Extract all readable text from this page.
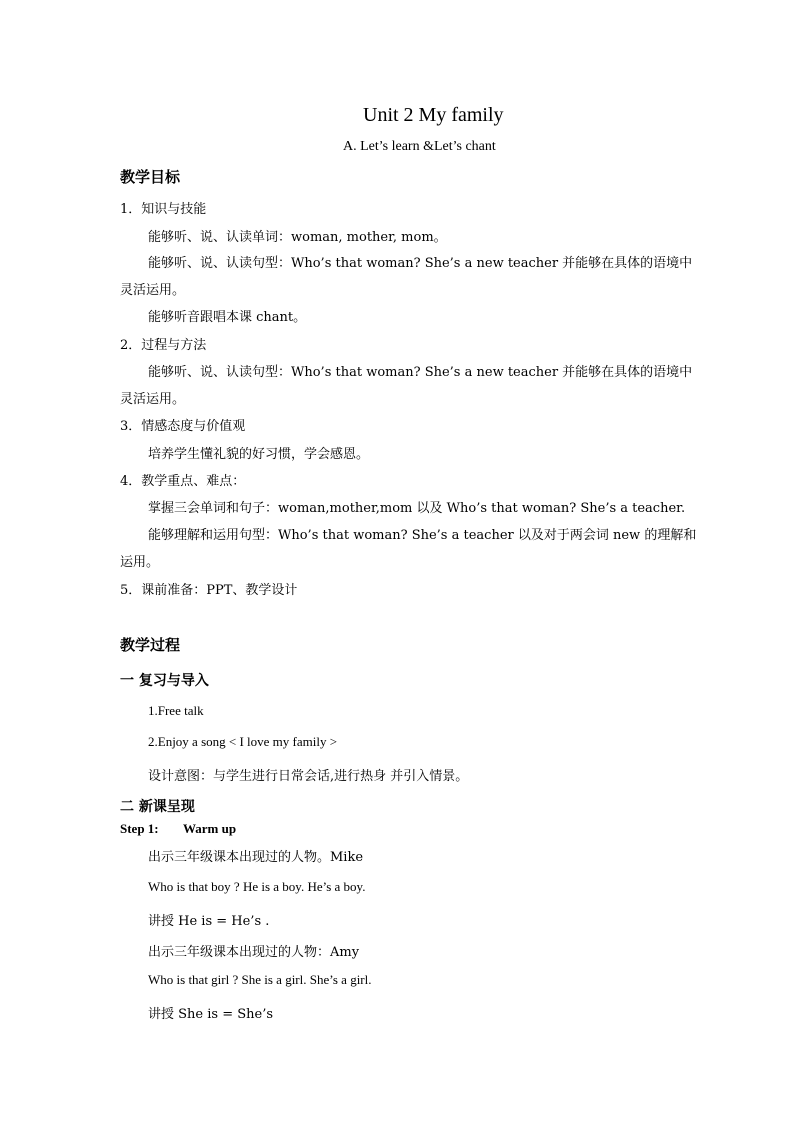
Unit 2 My family
A. Let’s learn &Let’s chant
教学目标
1．知识与技能
能够听、说、认读单词：woman, mother, mom。
能够听、说、认读句型：Who’s that woman? She’s a new teacher 并能够在具体的语境中
灵活运用。
能够听音跟唱本课 chant。
2．过程与方法
能够听、说、认读句型：Who’s that woman? She’s a new teacher 并能够在具体的语境中
灵活运用。
3．情感态度与价值观
培养学生懂礼貌的好习惯，学会感恩。
4．教学重点、难点：
掌握三会单词和句子：woman,mother,mom 以及 Who’s that woman? She’s a teacher.
能够理解和运用句型：Who’s that woman? She’s a teacher 以及对于两会词 new 的理解和
运用。
5．课前准备：PPT、教学设计
教学过程
一 复习与导入
1.Free talk
2.Enjoy a song < I love my family >
设计意图：与学生进行日常会话,进行热身 并引入情景。
二 新课呈现
Step 1: Warm up
出示三年级课本出现过的人物。Mike
Who is that boy ? He is a boy. He’s a boy.
讲授 He is = He’s .
出示三年级课本出现过的人物：Amy
Who is that girl ? She is a girl. She’s a girl.
讲授 She is = She’s
